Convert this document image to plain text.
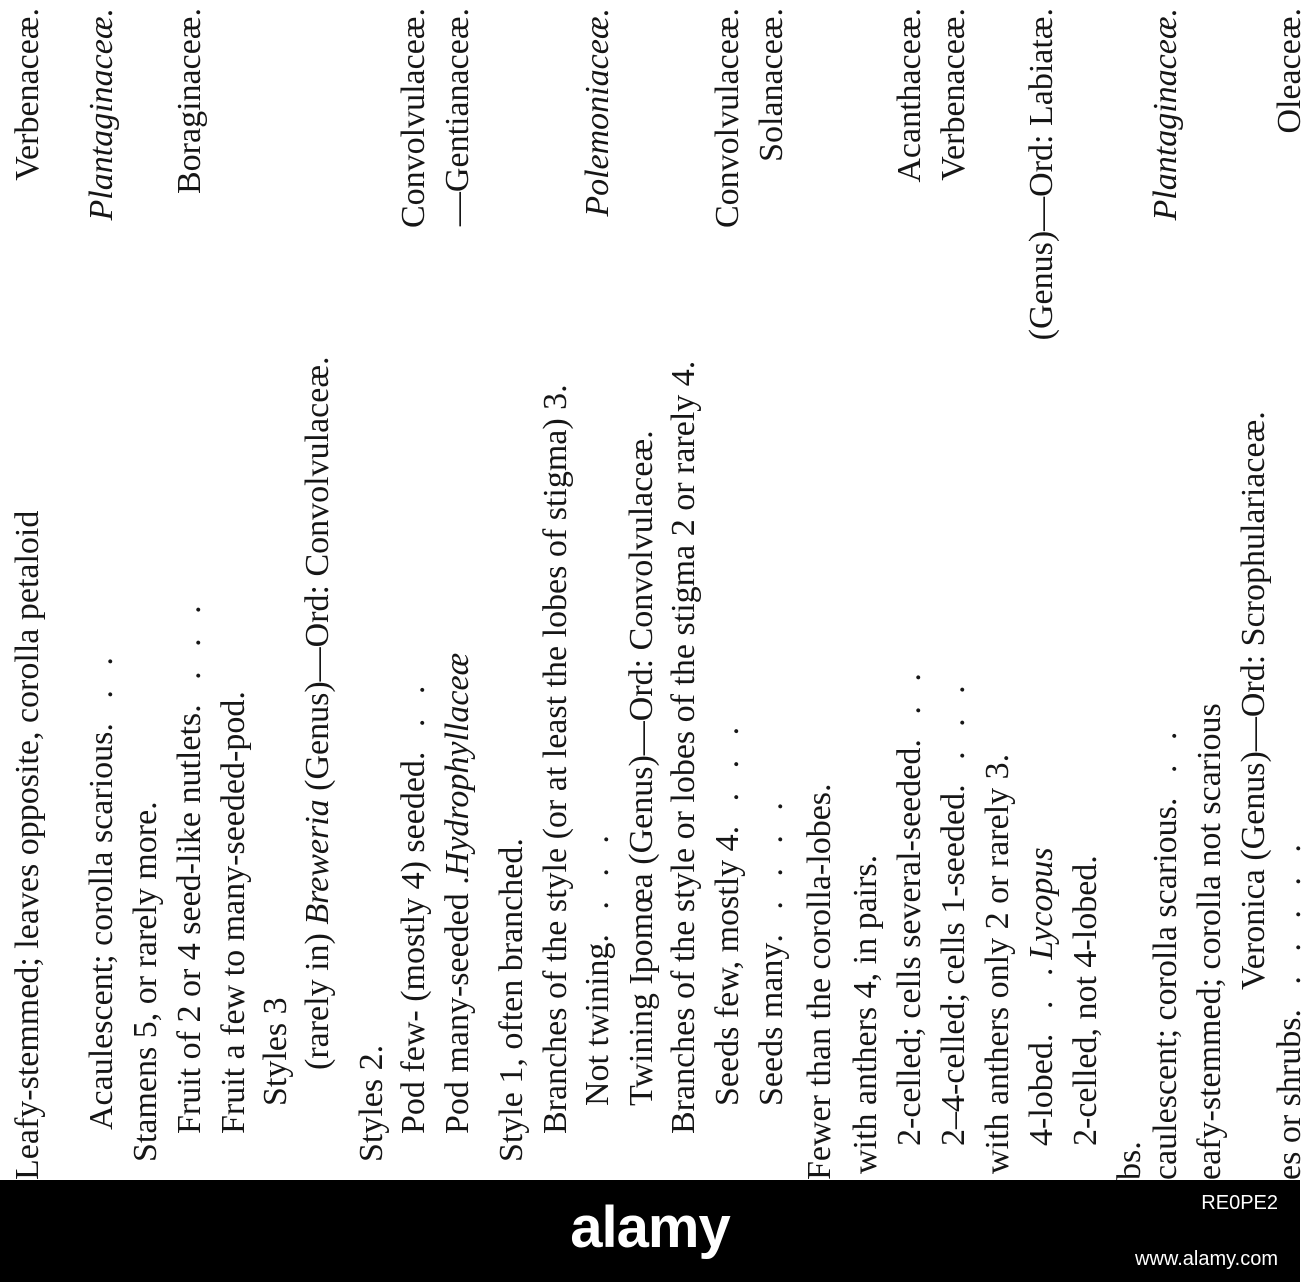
Leafy-stemmed; leaves opposite, corolla petaloid
Verbenaceæ.
Acaulescent; corolla scarious. . .
Plantaginaceæ.
Stamens 5, or rarely more. Fruit of 2 or 4 seed-like nutlets. . . .
Boraginaceæ.
Fruit a few to many-seeded-pod. Styles 3 (rarely in) Breweria (Genus)—Ord: Convolvulaceæ.
Styles 2. Pod few- (mostly 4) seeded. . .
Convolvulaceæ.
Pod many-seeded .Hydrophyllaceæ
—Gentianaceæ.
Style 1, often branched. Branches of the style (or at least the lobes of stigma) 3. Not twining. . . .
Polemoniaceæ.
Twining Ipomœa (Genus)—Ord: Convolvulaceæ. Branches of the style or lobes of the stigma 2 or rarely 4. Seeds few, mostly 4. . . .
Convolvulaceæ.
Seeds many. . . . .
Solanaceæ.
Fewer than the corolla-lobes. with anthers 4, in pairs. 2-celled; cells several-seeded. . .
Acanthaceæ.
2–4-celled; cells 1-seeded. . . .
Verbenaceæ.
with anthers only 2 or rarely 3. 4-lobed. . .Lycopus
(Genus)—Ord: Labiatæ.
2-celled, not 4-lobed.
bs. caulescent; corolla scarious. . .
Plantaginaceæ.
eafy-stemmed; corolla not scarious Veronica (Genus)—Ord: Scrophulariaceæ.
es or shrubs. . . . . .
Oleaceæ.
alamy	RE0PE2
www.alamy.com
